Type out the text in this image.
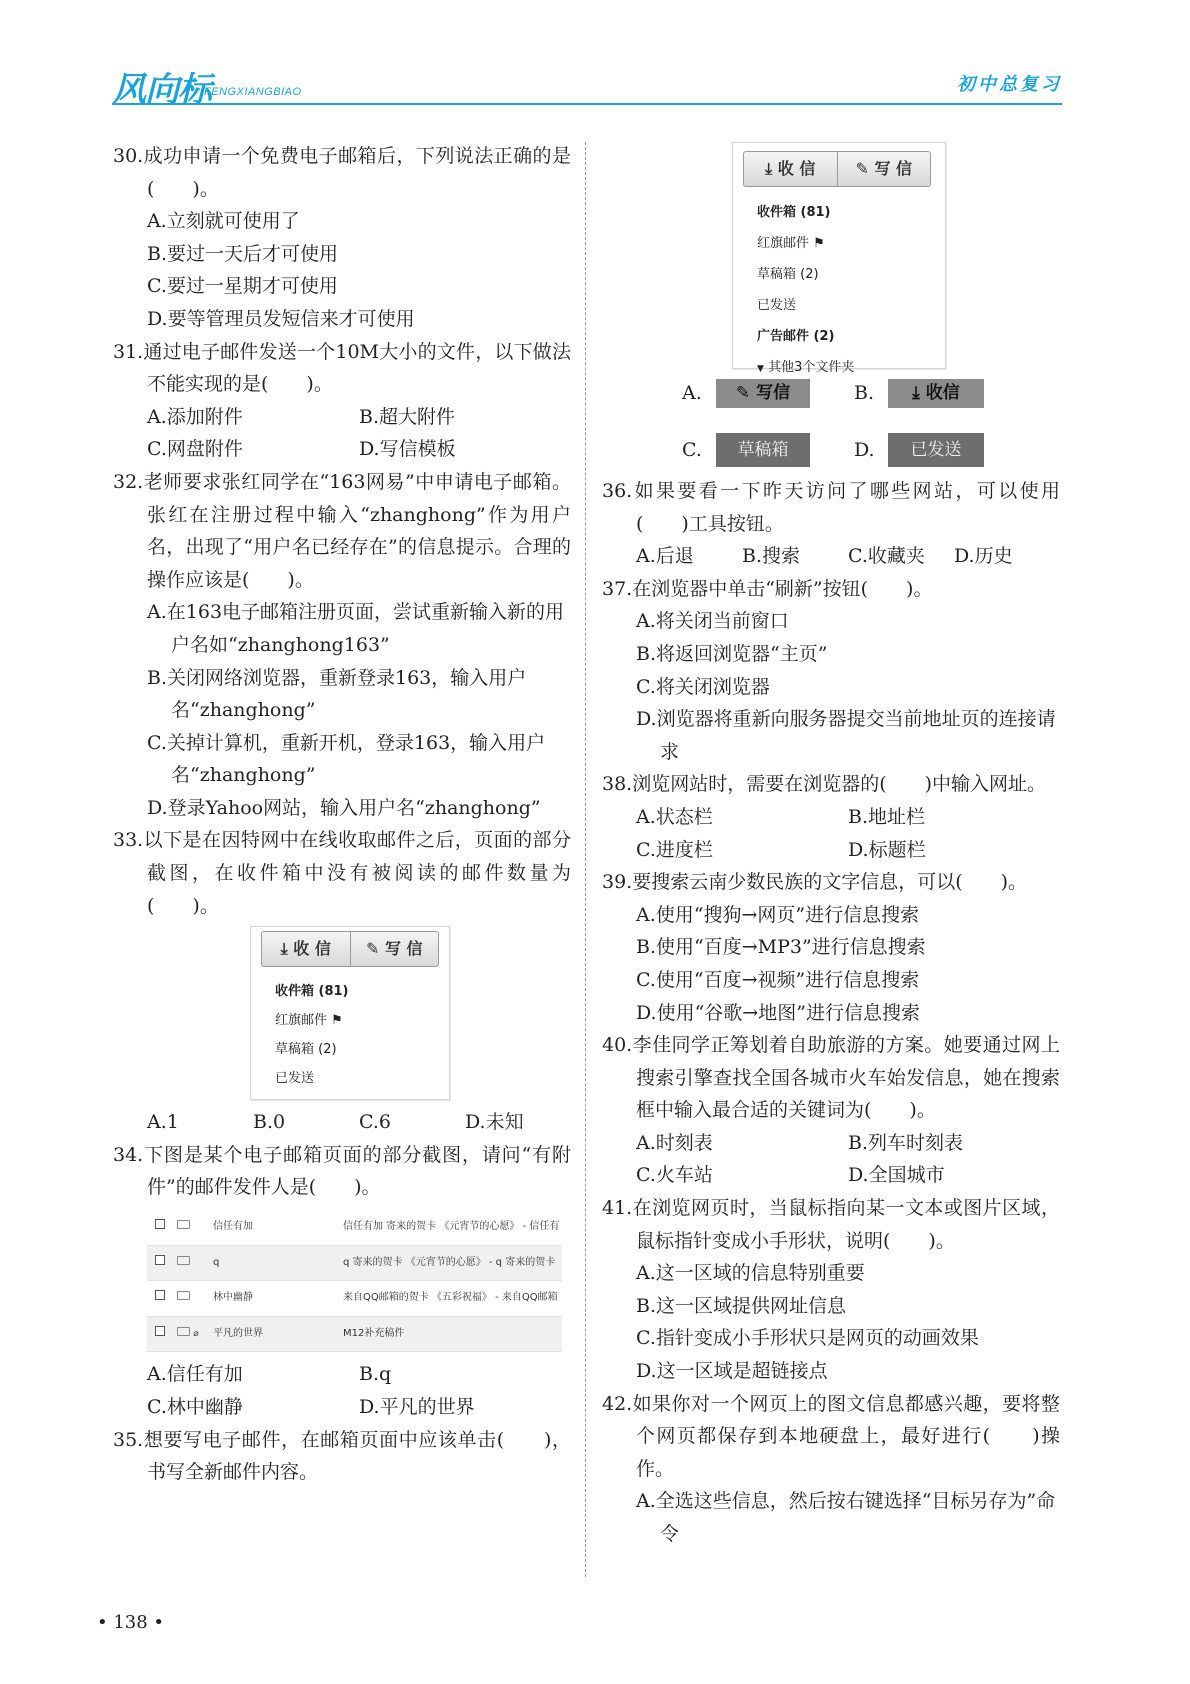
风向标
FENGXIANGBIAO	初中总复习
30.成功申请一个免费电子邮箱后，下列说法正确的是(　　)。
A.立刻就可使用了
B.要过一天后才可使用
C.要过一星期才可使用
D.要等管理员发短信来才可使用
31.通过电子邮件发送一个10M大小的文件，以下做法不能实现的是(　　)。
A.添加附件	B.超大附件
C.网盘附件	D.写信模板
32.老师要求张红同学在“163网易”中申请电子邮箱。张红在注册过程中输入“zhanghong”作为用户名，出现了“用户名已经存在”的信息提示。合理的操作应该是(　　)。
A.在163电子邮箱注册页面，尝试重新输入新的用户名如“zhanghong163”
B.关闭网络浏览器，重新登录163，输入用户名“zhanghong”
C.关掉计算机，重新开机，登录163，输入用户名“zhanghong”
D.登录Yahoo网站，输入用户名“zhanghong”
33.以下是在因特网中在线收取邮件之后，页面的部分截图，在收件箱中没有被阅读的邮件数量为(　　)。
⤓ 收 信	✎ 写 信
收件箱 (81)
红旗邮件 ⚑
草稿箱 (2)
已发送
A.1	B.0	C.6	D.未知
34.下图是某个电子邮箱页面的部分截图，请问“有附件”的邮件发件人是(　　)。
		信任有加	信任有加 寄来的贺卡 《元宵节的心愿》 - 信任有
		q	q 寄来的贺卡 《元宵节的心愿》 - q 寄来的贺卡
		林中幽静	来自QQ邮箱的贺卡 《五彩祝福》 - 来自QQ邮箱
	⌀	平凡的世界	M12补充稿件
A.信任有加	B.q
C.林中幽静	D.平凡的世界
35.想要写电子邮件，在邮箱页面中应该单击(　　)，书写全新邮件内容。
⤓ 收 信	✎ 写 信
收件箱 (81)
红旗邮件 ⚑
草稿箱 (2)
已发送
广告邮件 (2)
▼ 其他3个文件夹
A.	✎ 写信	B.	⤓ 收信
C.	草稿箱	D.	已发送
36.如果要看一下昨天访问了哪些网站，可以使用(　　)工具按钮。
A.后退	B.搜索	C.收藏夹	D.历史
37.在浏览器中单击“刷新”按钮(　　)。
A.将关闭当前窗口
B.将返回浏览器“主页”
C.将关闭浏览器
D.浏览器将重新向服务器提交当前地址页的连接请求
38.浏览网站时，需要在浏览器的(　　)中输入网址。
A.状态栏	B.地址栏
C.进度栏	D.标题栏
39.要搜索云南少数民族的文字信息，可以(　　)。
A.使用“搜狗→网页”进行信息搜索
B.使用“百度→MP3”进行信息搜索
C.使用“百度→视频”进行信息搜索
D.使用“谷歌→地图”进行信息搜索
40.李佳同学正筹划着自助旅游的方案。她要通过网上搜索引擎查找全国各城市火车始发信息，她在搜索框中输入最合适的关键词为(　　)。
A.时刻表	B.列车时刻表
C.火车站	D.全国城市
41.在浏览网页时，当鼠标指向某一文本或图片区域，鼠标指针变成小手形状，说明(　　)。
A.这一区域的信息特别重要
B.这一区域提供网址信息
C.指针变成小手形状只是网页的动画效果
D.这一区域是超链接点
42.如果你对一个网页上的图文信息都感兴趣，要将整个网页都保存到本地硬盘上，最好进行(　　)操作。
A.全选这些信息，然后按右键选择“目标另存为”命令
• 138 •
